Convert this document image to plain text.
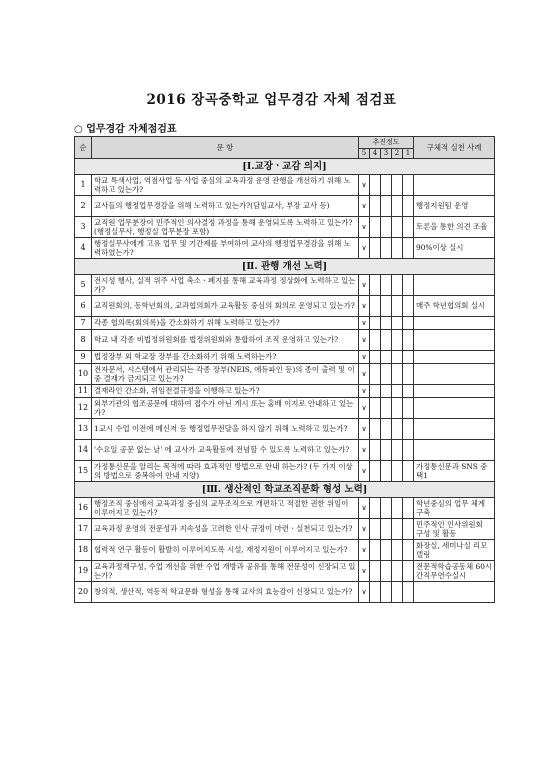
2016 장곡중학교 업무경감 자체 점검표
○ 업무경감 자체점검표
순	문 항	추진정도					구체적 실천 사례
		5	4	3	2	1	
[Ⅰ.교장ㆍ교감 의지]							
1	학교 특색사업, 역점사업 등 사업 중심의 교육과정 운영 관행을 개선하기 위해 노력하고 있는가?	∨					
2	교사들의 행정업무경감을 위해 노력하고 있는가?(담임교사, 부장 교사 등)	∨					행정지원팀 운영
3	교직원 업무분장이 민주적인 의사결정 과정을 통해 운영되도록 노력하고 있는가?(행정실무사, 행정실 업무분장 포함)	∨					토론을 통한 의견 조율
4	행정실무사에게 고유 업무 및 기간제를 부여하여 교사의 행정업무경감을 위해 노력하였는가?	∨					90%이상 실시
[Ⅱ. 관행 개선 노력]							
5	전시성 행사, 실적 위주 사업 축소ㆍ폐지를 통해 교육과정 정상화에 노력하고 있는가?	∨					
6	교직원회의, 동학년회의, 교과협의회가 교육활동 중심의 회의로 운영되고 있는가?	∨					매주 학년협의회 실시
7	각종 협의록(회의록)을 간소화하기 위해 노력하고 있는가?	∨					
8	학교 내 각종 비법정위원회를 법정위원회와 통합하여 조직 운영하고 있는가?	∨					
9	법정장부 외 학교장 장부를 간소화하기 위해 노력하는가?	∨					
10	전자문서, 시스템에서 관리되는 각종 장부(NEIS, 에듀파인 등)의 종이 출력 및 이중 결재가 금지되고 있는가?	∨					
11	결재라인 간소화, 위임전결규정을 이행하고 있는가?	∨					
12	외부기관의 협조공문에 대하여 접수가 아닌 게시 또는 홍배 이지로 안내하고 있는가?	∨					
13	1교시 수업 이전에 메신저 등 행정업무전달을 하지 않기 위해 노력하고 있는가?	∨					
14	'수요일 공문 없는 날' 에 교사가 교육활동에 전념할 수 있도록 노력하고 있는가?	∨					
15	가정통신문을 알리는 목적에 따라 효과적인 방법으로 안내 하는가? (두 가지 이상의 방법으로 중복하여 안내 지양)	∨					가정통신문과 SNS 중 택1
[Ⅲ. 생산적인 학교조직문화 형성 노력]							
16	행정조직 중심에서 교육과정 중심의 교무조직으로 개편하고 적절한 권한 위임이 이루어지고 있는가?	∨					학년중심의 업무 체계 구축
17	교육과정 운영의 전문성과 지속성을 고려한 인사 규정이 마련ㆍ실천되고 있는가?	∨					민주적인 인사위원회 구성 및 활동
18	협력적 연구 활동이 활발히 이루어지도록 시설, 재정지원이 이루어지고 있는가?	∨					화장실, 세미나실 리모델링
19	교육과정재구성, 수업 개선을 위한 수업 개방과 공유를 통해 전문성이 신장되고 있는가?	∨					전문적학습공동체 60시간직무연수실시
20	창의적, 생산적, 역동적 학교문화 형성을 통해 교사의 효능감이 신장되고 있는가?	∨					
